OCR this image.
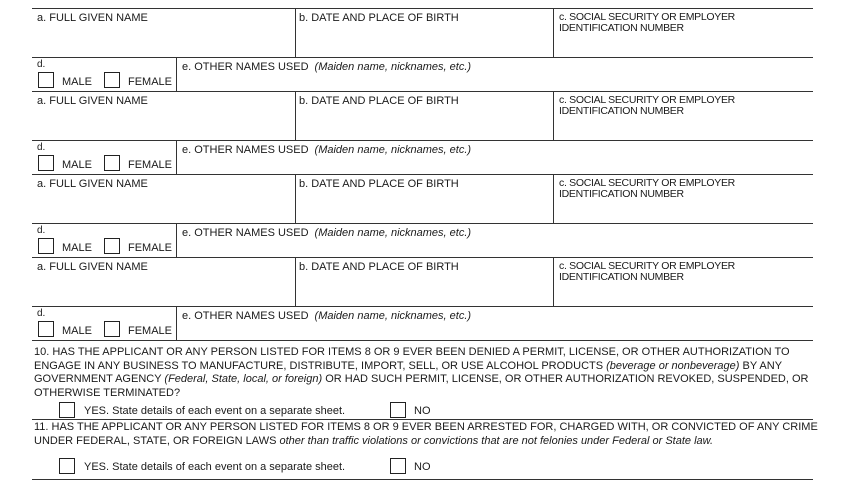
a. FULL GIVEN NAME	b. DATE AND PLACE OF BIRTH	c. SOCIAL SECURITY OR EMPLOYER IDENTIFICATION NUMBER
d.
MALE	FEMALE
e. OTHER NAMES USED (Maiden name, nicknames, etc.)
a. FULL GIVEN NAME	b. DATE AND PLACE OF BIRTH	c. SOCIAL SECURITY OR EMPLOYER IDENTIFICATION NUMBER
d.
MALE	FEMALE
e. OTHER NAMES USED (Maiden name, nicknames, etc.)
a. FULL GIVEN NAME	b. DATE AND PLACE OF BIRTH	c. SOCIAL SECURITY OR EMPLOYER IDENTIFICATION NUMBER
d.
MALE	FEMALE
e. OTHER NAMES USED (Maiden name, nicknames, etc.)
a. FULL GIVEN NAME	b. DATE AND PLACE OF BIRTH	c. SOCIAL SECURITY OR EMPLOYER IDENTIFICATION NUMBER
d.
MALE	FEMALE
e. OTHER NAMES USED (Maiden name, nicknames, etc.)
10. HAS THE APPLICANT OR ANY PERSON LISTED FOR ITEMS 8 OR 9 EVER BEEN DENIED A PERMIT, LICENSE, OR OTHER AUTHORIZATION TO ENGAGE IN ANY BUSINESS TO MANUFACTURE, DISTRIBUTE, IMPORT, SELL, OR USE ALCOHOL PRODUCTS (beverage or nonbeverage) BY ANY GOVERNMENT AGENCY (Federal, State, local, or foreign) OR HAD SUCH PERMIT, LICENSE, OR OTHER AUTHORIZATION REVOKED, SUSPENDED, OR OTHERWISE TERMINATED?
YES. State details of each event on a separate sheet.	NO
11. HAS THE APPLICANT OR ANY PERSON LISTED FOR ITEMS 8 OR 9 EVER BEEN ARRESTED FOR, CHARGED WITH, OR CONVICTED OF ANY CRIME UNDER FEDERAL, STATE, OR FOREIGN LAWS other than traffic violations or convictions that are not felonies under Federal or State law.
YES. State details of each event on a separate sheet.	NO
